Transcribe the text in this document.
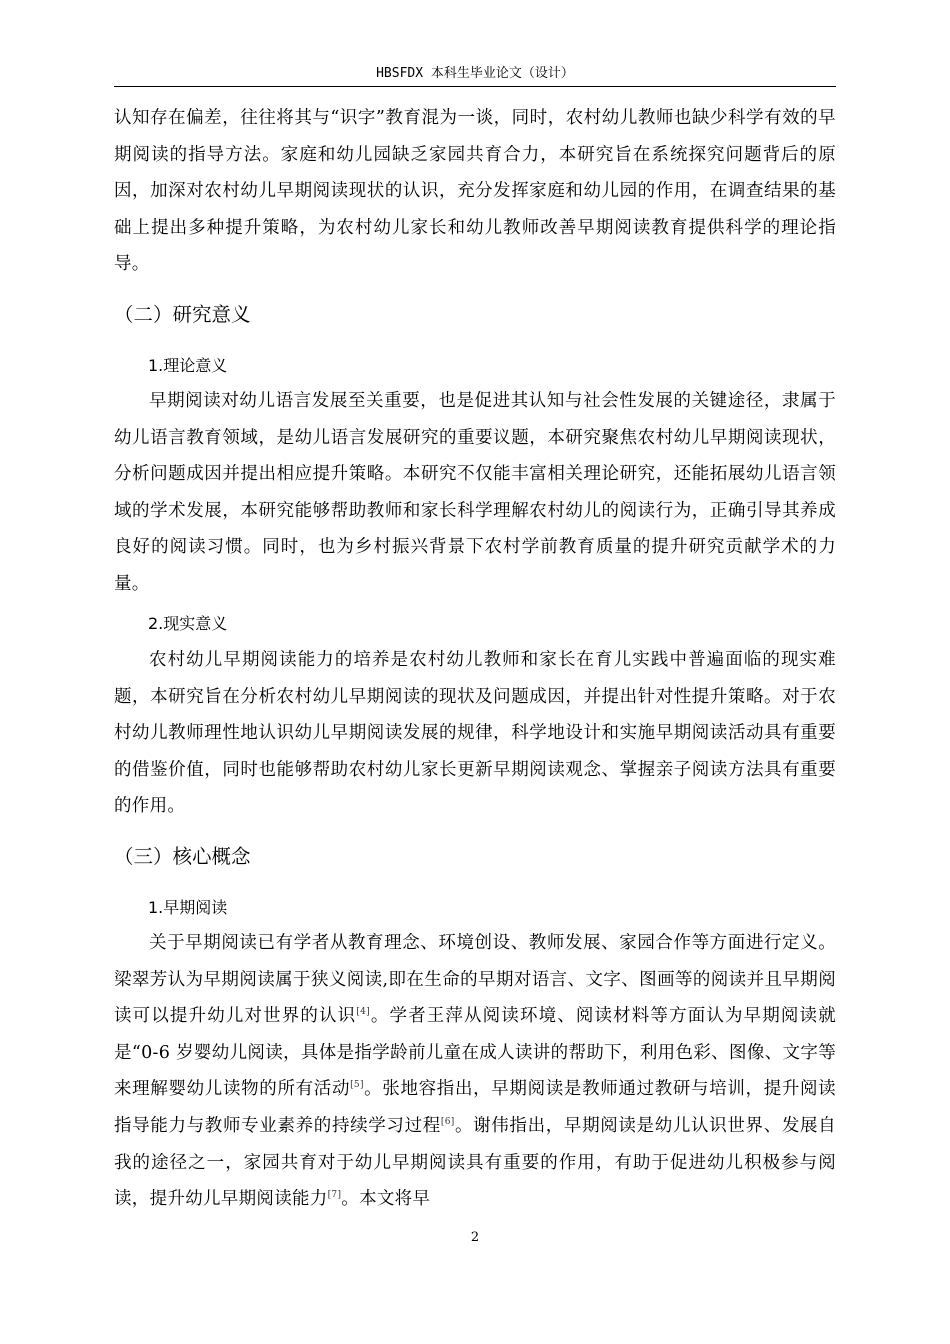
HBSFDX 本科生毕业论文（设计）
认知存在偏差，往往将其与“识字”教育混为一谈，同时，农村幼儿教师也缺少科学有效的早期阅读的指导方法。家庭和幼儿园缺乏家园共育合力，本研究旨在系统探究问题背后的原因，加深对农村幼儿早期阅读现状的认识，充分发挥家庭和幼儿园的作用，在调查结果的基础上提出多种提升策略，为农村幼儿家长和幼儿教师改善早期阅读教育提供科学的理论指导。
（二）研究意义
1.理论意义
早期阅读对幼儿语言发展至关重要，也是促进其认知与社会性发展的关键途径，隶属于幼儿语言教育领域，是幼儿语言发展研究的重要议题，本研究聚焦农村幼儿早期阅读现状，分析问题成因并提出相应提升策略。本研究不仅能丰富相关理论研究，还能拓展幼儿语言领域的学术发展，本研究能够帮助教师和家长科学理解农村幼儿的阅读行为，正确引导其养成良好的阅读习惯。同时，也为乡村振兴背景下农村学前教育质量的提升研究贡献学术的力量。
2.现实意义
农村幼儿早期阅读能力的培养是农村幼儿教师和家长在育儿实践中普遍面临的现实难题，本研究旨在分析农村幼儿早期阅读的现状及问题成因，并提出针对性提升策略。对于农村幼儿教师理性地认识幼儿早期阅读发展的规律，科学地设计和实施早期阅读活动具有重要的借鉴价值，同时也能够帮助农村幼儿家长更新早期阅读观念、掌握亲子阅读方法具有重要的作用。
（三）核心概念
1.早期阅读
关于早期阅读已有学者从教育理念、环境创设、教师发展、家园合作等方面进行定义。梁翠芳认为早期阅读属于狭义阅读,即在生命的早期对语言、文字、图画等的阅读并且早期阅读可以提升幼儿对世界的认识[4]。学者王萍从阅读环境、阅读材料等方面认为早期阅读就是“0-6 岁婴幼儿阅读，具体是指学龄前儿童在成人读讲的帮助下，利用色彩、图像、文字等来理解婴幼儿读物的所有活动[5]。张地容指出，早期阅读是教师通过教研与培训，提升阅读指导能力与教师专业素养的持续学习过程[6]。谢伟指出，早期阅读是幼儿认识世界、发展自我的途径之一，家园共育对于幼儿早期阅读具有重要的作用，有助于促进幼儿积极参与阅读，提升幼儿早期阅读能力[7]。本文将早
2
